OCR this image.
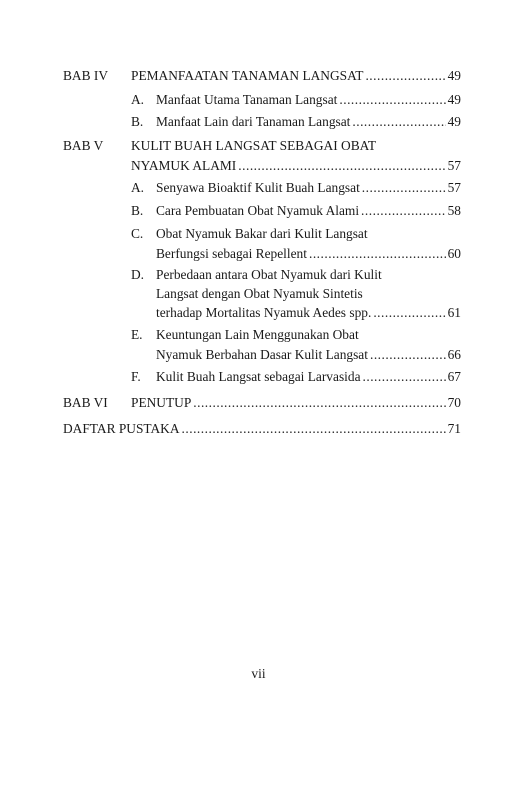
BAB IV PEMANFAATAN TANAMAN LANGSAT .....	49
A. Manfaat Utama Tanaman Langsat .....	49
B. Manfaat Lain dari Tanaman Langsat .....	49
BAB V KULIT BUAH LANGSAT SEBAGAI OBAT
NYAMUK ALAMI .....	57
A. Senyawa Bioaktif Kulit Buah Langsat .....	57
B. Cara Pembuatan Obat Nyamuk Alami .....	58
C. Obat Nyamuk Bakar dari Kulit Langsat
Berfungsi sebagai Repellent .....	60
D. Perbedaan antara Obat Nyamuk dari Kulit
Langsat dengan Obat Nyamuk Sintetis
terhadap Mortalitas Nyamuk Aedes spp. .....	61
E. Keuntungan Lain Menggunakan Obat
Nyamuk Berbahan Dasar Kulit Langsat .....	66
F. Kulit Buah Langsat sebagai Larvasida .....	67
BAB VI PENUTUP .....	70
DAFTAR PUSTAKA .....	71
vii
